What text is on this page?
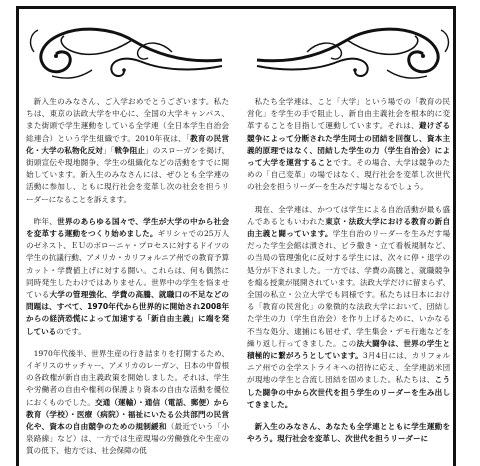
新入生のみなさん、ご入学おめでとうございます。私たちは、東京の法政大学を中心に、全国の大学キャンパス、また街頭で学生運動をしている全学連（全日本学生自治会総連合）という学生組織です。2010年夜は、「教育の民営化・大学の私物化反対」「戦争阻止」のスローガンを掲げ、街頭宣伝や現地闘争、学生の組織化などの活動をすでに開始しています。新入生のみなさんには、ぜひとも全学連の活動に参加し、ともに現行社会を変革し次の社会を担うリーダーになることを訴えます。

昨年、世界のあらゆる国々で、学生が大学の中から社会を変革する運動をつくり始めました。ギリシャでの25万人のゼネスト、ＥＵのボローニャ・プロセスに対するドイツの学生の抗議行動、アメリカ・カリフォルニア州での教育予算カット・学費値上げに対する闘い。これらは、何も偶然に同時発生したわけではありません。世界中の学生を悩ませている大学の管理強化、学費の高騰、就職口の不足などの問題は、すべて、1970年代から世界的に開始され2008年からの経済恐慌によって加速する「新自由主義」に端を発しているのです。

1970年代後半、世界生産の行き詰まりを打開するため、イギリスのサッチャー、アメリカのレーガン、日本の中曽根の各政権が新自由主義政策を開始しました。それは、学生や労働者の自由や権利の保護より資本の自由な活動を優位におくものでした。交通（運輸）・通信（電話、郵便）から教育（学校）・医療（病院）・福祉にいたる公共部門の民営化や、資本の自由競争のための規制緩和（最近でいう「小泉路線」など）は、一方では生産現場の労働強化や生産の質の低下、他方では、社会保障の低

私たち全学連は、こと「大学」という場での「教育の民営化」を学生の手で阻止し、新自由主義社会を根本的に変革することを目指して運動しています。それは、避けざる競争によって分断された学生同士の団結を回復し、資本主義的原理ではなく、団結した学生の力（学生自治会）によって大学を運営することです。その場合、大学は競争のための「自己変革」の場ではなく、現行社会を変革し次世代の社会を担うリーダーを生みだす場となるでしょう。

現在、全学連は、かつては学生による自治活動が最も盛んであるともいわれた東京・法政大学における教育の新自由主義と闘っています。学生自治のリーダーを生みだす場だった学生会館は潰され、ビラ撒き・立て看板規制など、の当局の管理強化に反対する学生には、次々に停・退学の処分が下されました。一方では、学費の高騰と、就職競争を煽る授業が展開されています。法政大学だけに留まらず、全国の私立・公立大学でも同様です。私たちは日本における「教育の民営化」の象徴的な法政大学において、団結した学生の力（学生自治会）を作り上げるために、いかなる不当な処分、逮捕にも屈せず、学生集会・デモ行進などを繰り返し行ってきました。この法大闘争は、世界の学生と積極的に繋がろうとしています。3月4日には、カリフォルニア州での全学ストライキへの招待に応え、全学連訪米団が現地の学生と合流し団結を固めました。私たちは、こうした闘争の中から次世代を担う学生のリーダーを生み出してきました。

新入生のみなさん、あなたも全学連とともに学生運動をやろう。現行社会を変革し、次世代を担うリーダーに
